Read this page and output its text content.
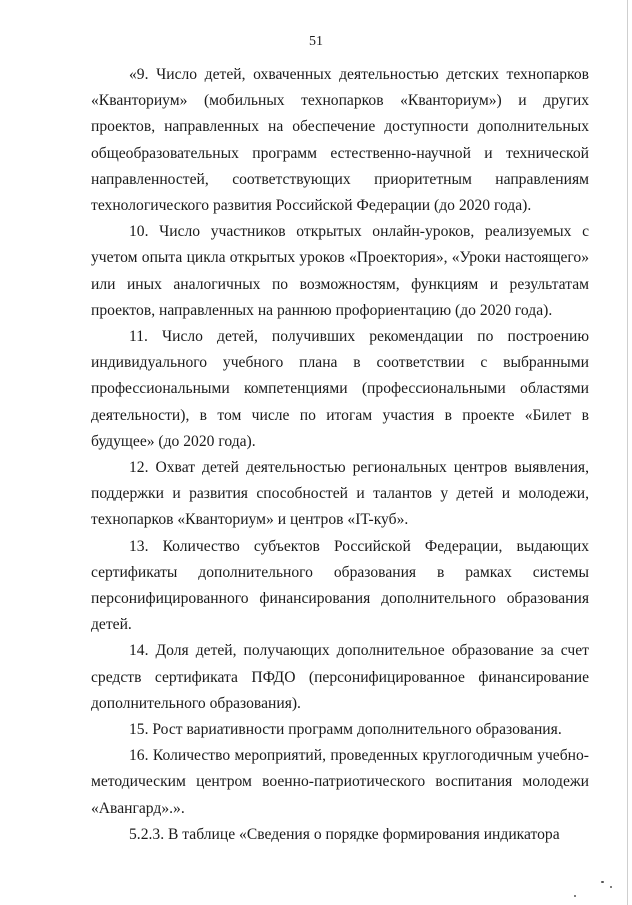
51

«9. Число детей, охваченных деятельностью детских технопарков «Кванториум» (мобильных технопарков «Кванториум») и других проектов, направленных на обеспечение доступности дополнительных общеобразовательных программ естественно-научной и технической направленностей, соответствующих приоритетным направлениям технологического развития Российской Федерации (до 2020 года).

10. Число участников открытых онлайн-уроков, реализуемых с учетом опыта цикла открытых уроков «Проектория», «Уроки настоящего» или иных аналогичных по возможностям, функциям и результатам проектов, направленных на раннюю профориентацию (до 2020 года).

11. Число детей, получивших рекомендации по построению индивидуального учебного плана в соответствии с выбранными профессиональными компетенциями (профессиональными областями деятельности), в том числе по итогам участия в проекте «Билет в будущее» (до 2020 года).

12. Охват детей деятельностью региональных центров выявления, поддержки и развития способностей и талантов у детей и молодежи, технопарков «Кванториум» и центров «IT-куб».

13. Количество субъектов Российской Федерации, выдающих сертификаты дополнительного образования в рамках системы персонифицированного финансирования дополнительного образования детей.

14. Доля детей, получающих дополнительное образование за счет средств сертификата ПФДО (персонифицированное финансирование дополнительного образования).

15. Рост вариативности программ дополнительного образования.

16. Количество мероприятий, проведенных круглогодичным учебно-методическим центром военно-патриотического воспитания молодежи «Авангард».».

5.2.3. В таблице «Сведения о порядке формирования индикатора
